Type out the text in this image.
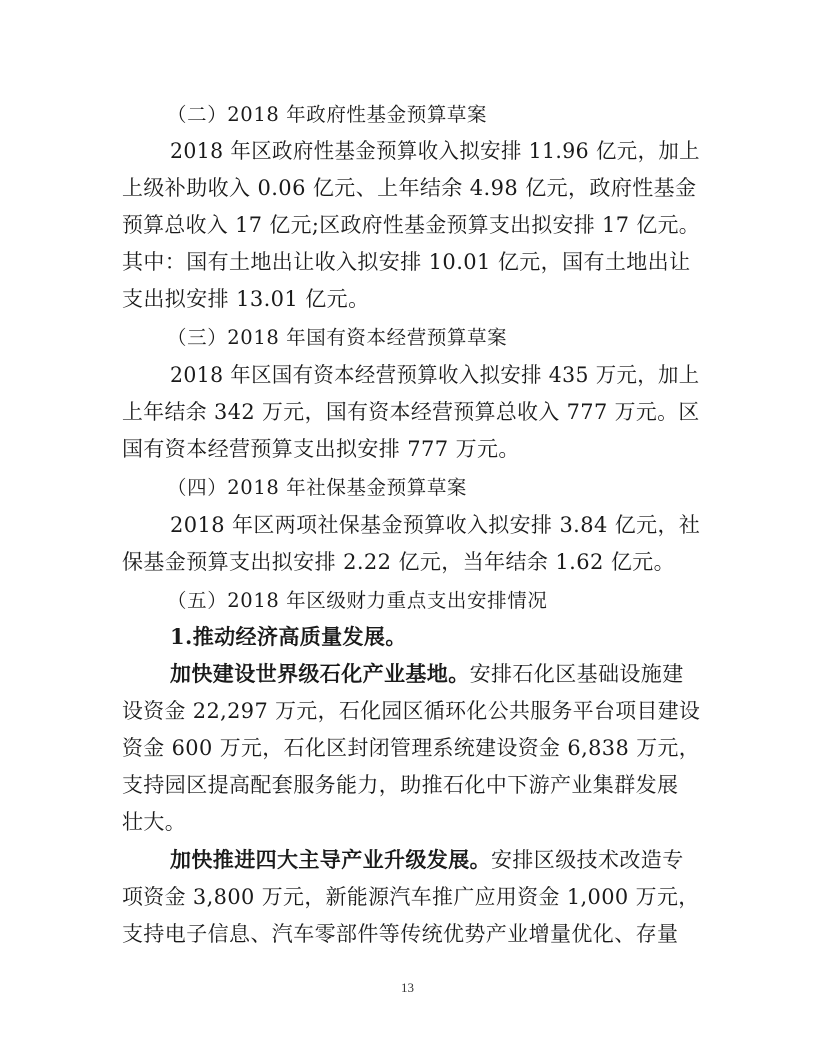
（二）2018 年政府性基金预算草案

2018 年区政府性基金预算收入拟安排 11.96 亿元，加上

上级补助收入 0.06 亿元、上年结余 4.98 亿元，政府性基金

预算总收入 17 亿元;区政府性基金预算支出拟安排 17 亿元。

其中：国有土地出让收入拟安排 10.01 亿元，国有土地出让

支出拟安排 13.01 亿元。

（三）2018 年国有资本经营预算草案

2018 年区国有资本经营预算收入拟安排 435 万元，加上

上年结余 342 万元，国有资本经营预算总收入 777 万元。区

国有资本经营预算支出拟安排 777 万元。

（四）2018 年社保基金预算草案

2018 年区两项社保基金预算收入拟安排 3.84 亿元，社

保基金预算支出拟安排 2.22 亿元，当年结余 1.62 亿元。

（五）2018 年区级财力重点支出安排情况

1.推动经济高质量发展。

加快建设世界级石化产业基地。安排石化区基础设施建

设资金 22,297 万元，石化园区循环化公共服务平台项目建设

资金 600 万元，石化区封闭管理系统建设资金 6,838 万元，

支持园区提高配套服务能力，助推石化中下游产业集群发展

壮大。

加快推进四大主导产业升级发展。安排区级技术改造专

项资金 3,800 万元，新能源汽车推广应用资金 1,000 万元，

支持电子信息、汽车零部件等传统优势产业增量优化、存量

13
